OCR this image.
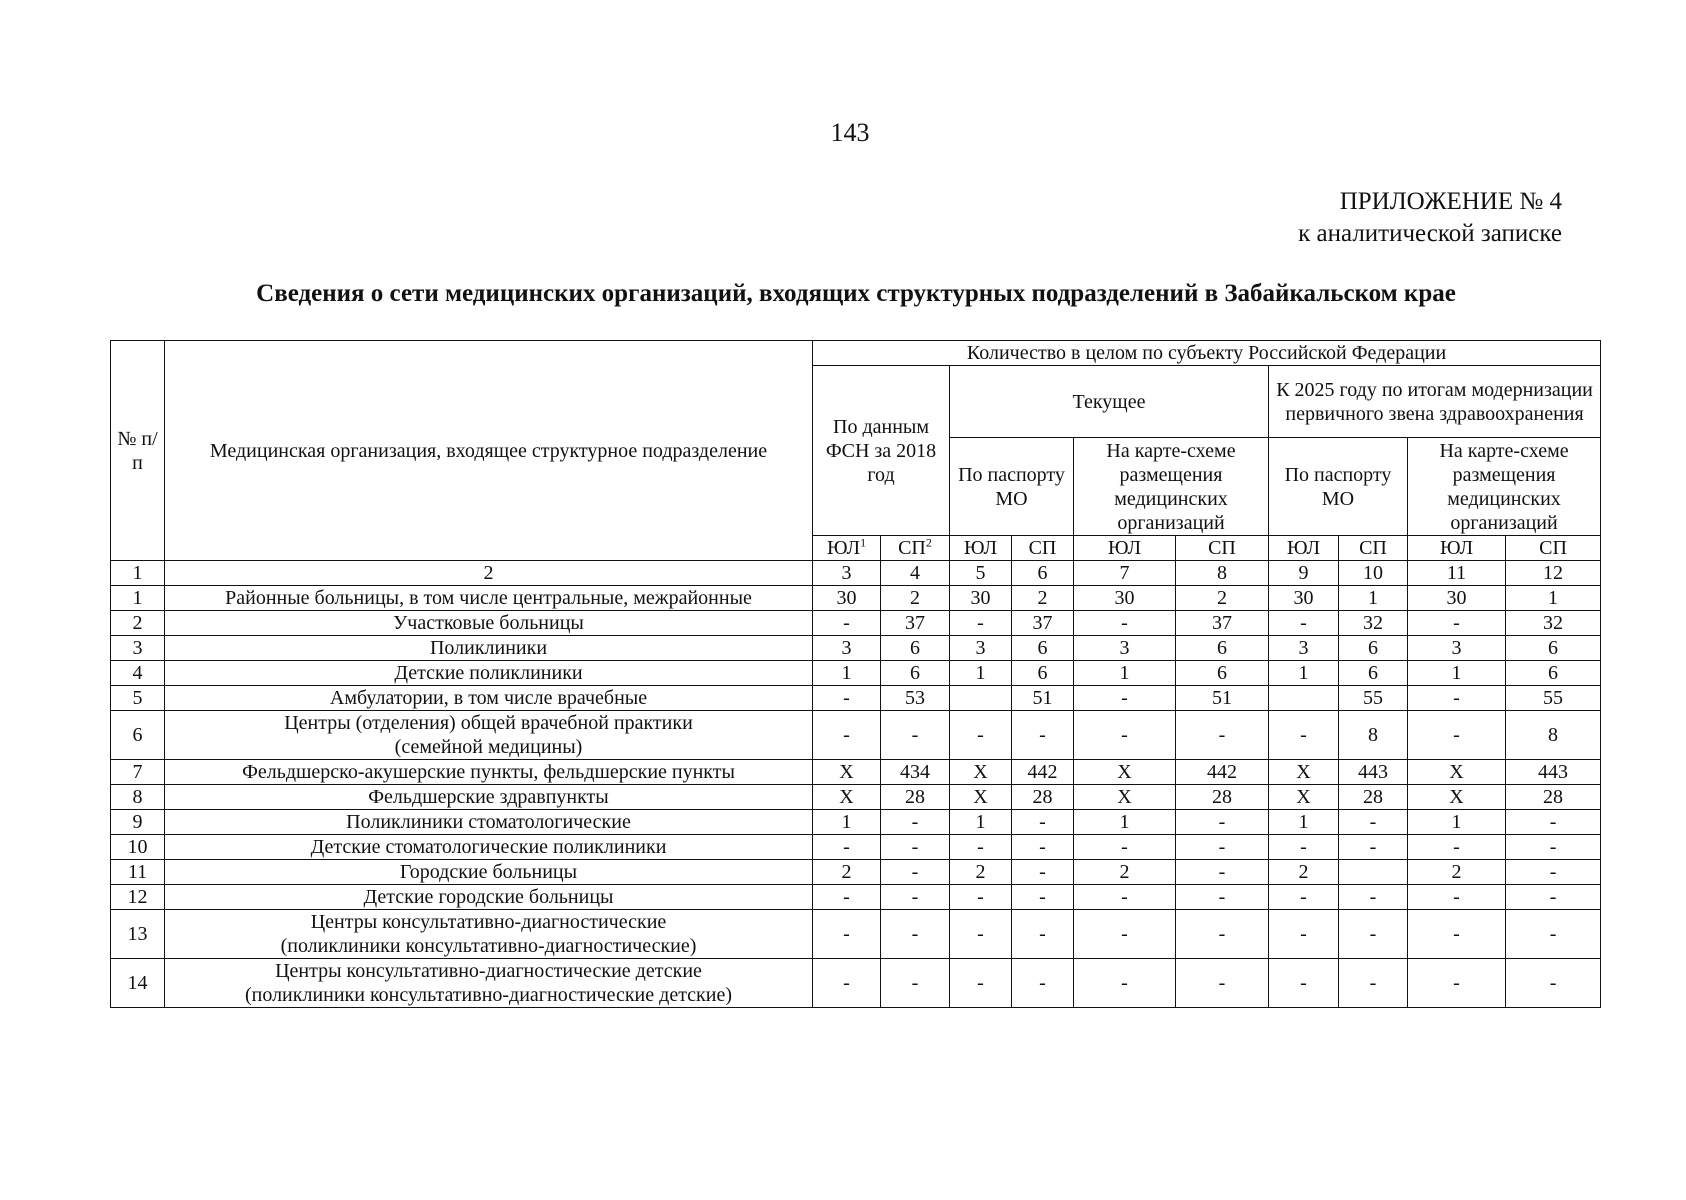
143
ПРИЛОЖЕНИЕ № 4
к аналитической записке
Сведения о сети медицинских организаций, входящих структурных подразделений в Забайкальском крае
№ п/п	Медицинская организация, входящее структурное подразделение	Количество в целом по субъекту Российской Федерации									
		По данным ФСН за 2018 год		Текущее				К 2025 году по итогам модернизации первичного звена здравоохранения			
				По паспорту МО		На карте-схеме размещения медицинских организаций		По паспорту МО		На карте-схеме размещения медицинских организаций	
		$ЮЛ^1$	$СП^2$	ЮЛ	СП	ЮЛ	СП	ЮЛ	СП	ЮЛ	СП
1	2	3	4	5	6	7	8	9	10	11	12
1	Районные больницы, в том числе центральные, межрайонные	30	2	30	2	30	2	30	1	30	1
2	Участковые больницы	-	37	-	37	-	37	-	32	-	32
3	Поликлиники	3	6	3	6	3	6	3	6	3	6
4	Детские поликлиники	1	6	1	6	1	6	1	6	1	6
5	Амбулатории, в том числе врачебные	-	53		51	-	51		55	-	55
6	Центры (отделения) общей врачебной практики
(семейной медицины)	-	-	-	-	-	-	-	8	-	8
7	Фельдшерско-акушерские пункты, фельдшерские пункты	X	434	X	442	X	442	X	443	X	443
8	Фельдшерские здравпункты	X	28	X	28	X	28	X	28	X	28
9	Поликлиники стоматологические	1	-	1	-	1	-	1	-	1	-
10	Детские стоматологические поликлиники	-	-	-	-	-	-	-	-	-	-
11	Городские больницы	2	-	2	-	2	-	2		2	-
12	Детские городские больницы	-	-	-	-	-	-	-	-	-	-
13	Центры консультативно-диагностические
(поликлиники консультативно-диагностические)	-	-	-	-	-	-	-	-	-	-
14	Центры консультативно-диагностические детские
(поликлиники консультативно-диагностические детские)	-	-	-	-	-	-	-	-	-	-
